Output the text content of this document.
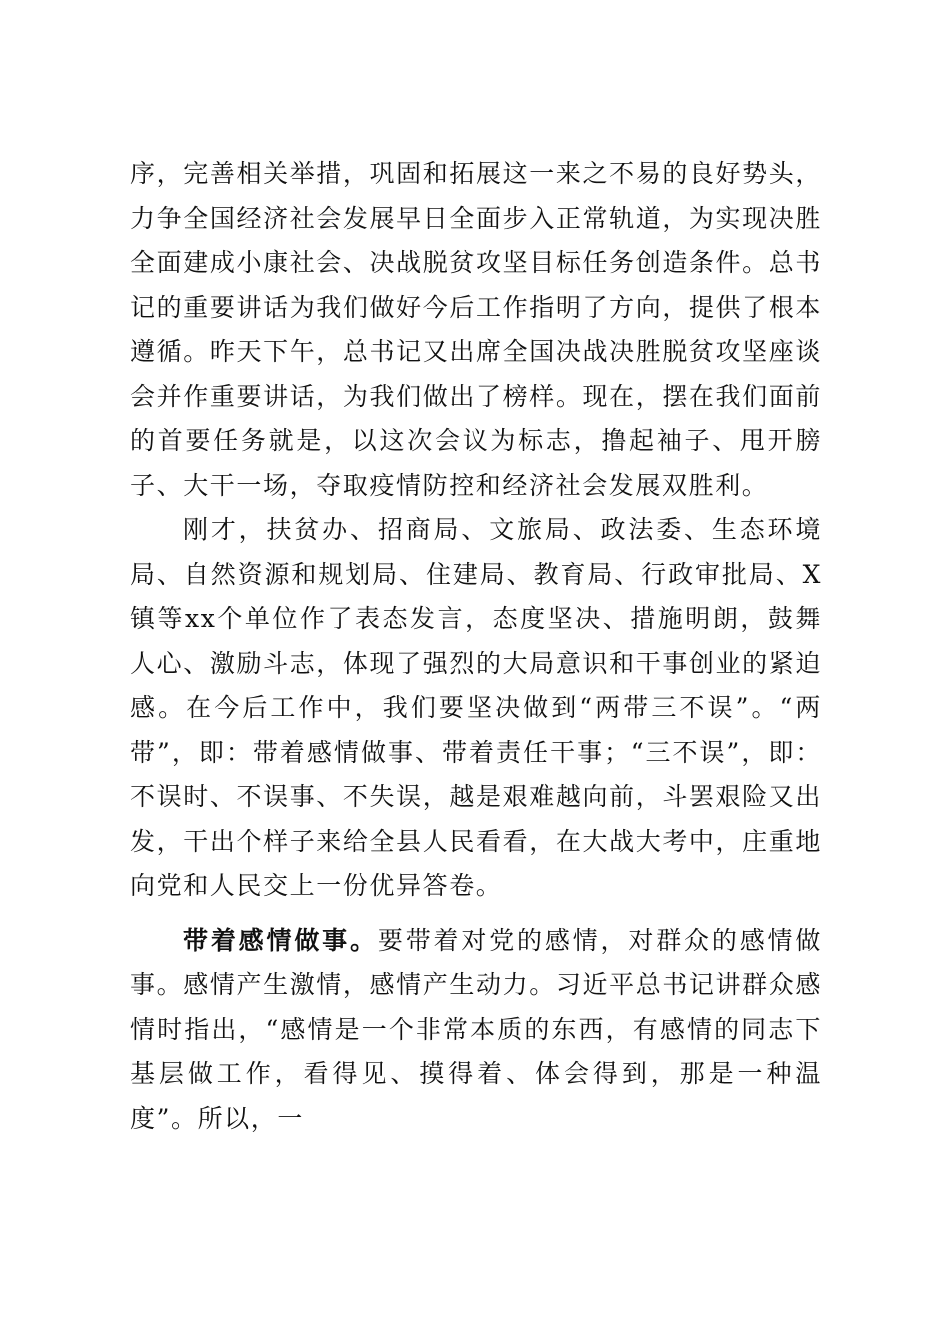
序，完善相关举措，巩固和拓展这一来之不易的良好势头，力争全国经济社会发展早日全面步入正常轨道，为实现决胜全面建成小康社会、决战脱贫攻坚目标任务创造条件。总书记的重要讲话为我们做好今后工作指明了方向，提供了根本遵循。昨天下午，总书记又出席全国决战决胜脱贫攻坚座谈会并作重要讲话，为我们做出了榜样。现在，摆在我们面前的首要任务就是，以这次会议为标志，撸起袖子、甩开膀子、大干一场，夺取疫情防控和经济社会发展双胜利。

刚才，扶贫办、招商局、文旅局、政法委、生态环境局、自然资源和规划局、住建局、教育局、行政审批局、X镇等xx个单位作了表态发言，态度坚决、措施明朗，鼓舞人心、激励斗志，体现了强烈的大局意识和干事创业的紧迫感。在今后工作中，我们要坚决做到“两带三不误”。“两带”，即：带着感情做事、带着责任干事；“三不误”，即：不误时、不误事、不失误，越是艰难越向前，斗罢艰险又出发，干出个样子来给全县人民看看，在大战大考中，庄重地向党和人民交上一份优异答卷。

带着感情做事。要带着对党的感情，对群众的感情做事。感情产生激情，感情产生动力。习近平总书记讲群众感情时指出，“感情是一个非常本质的东西，有感情的同志下基层做工作，看得见、摸得着、体会得到，那是一种温度”。所以，一
